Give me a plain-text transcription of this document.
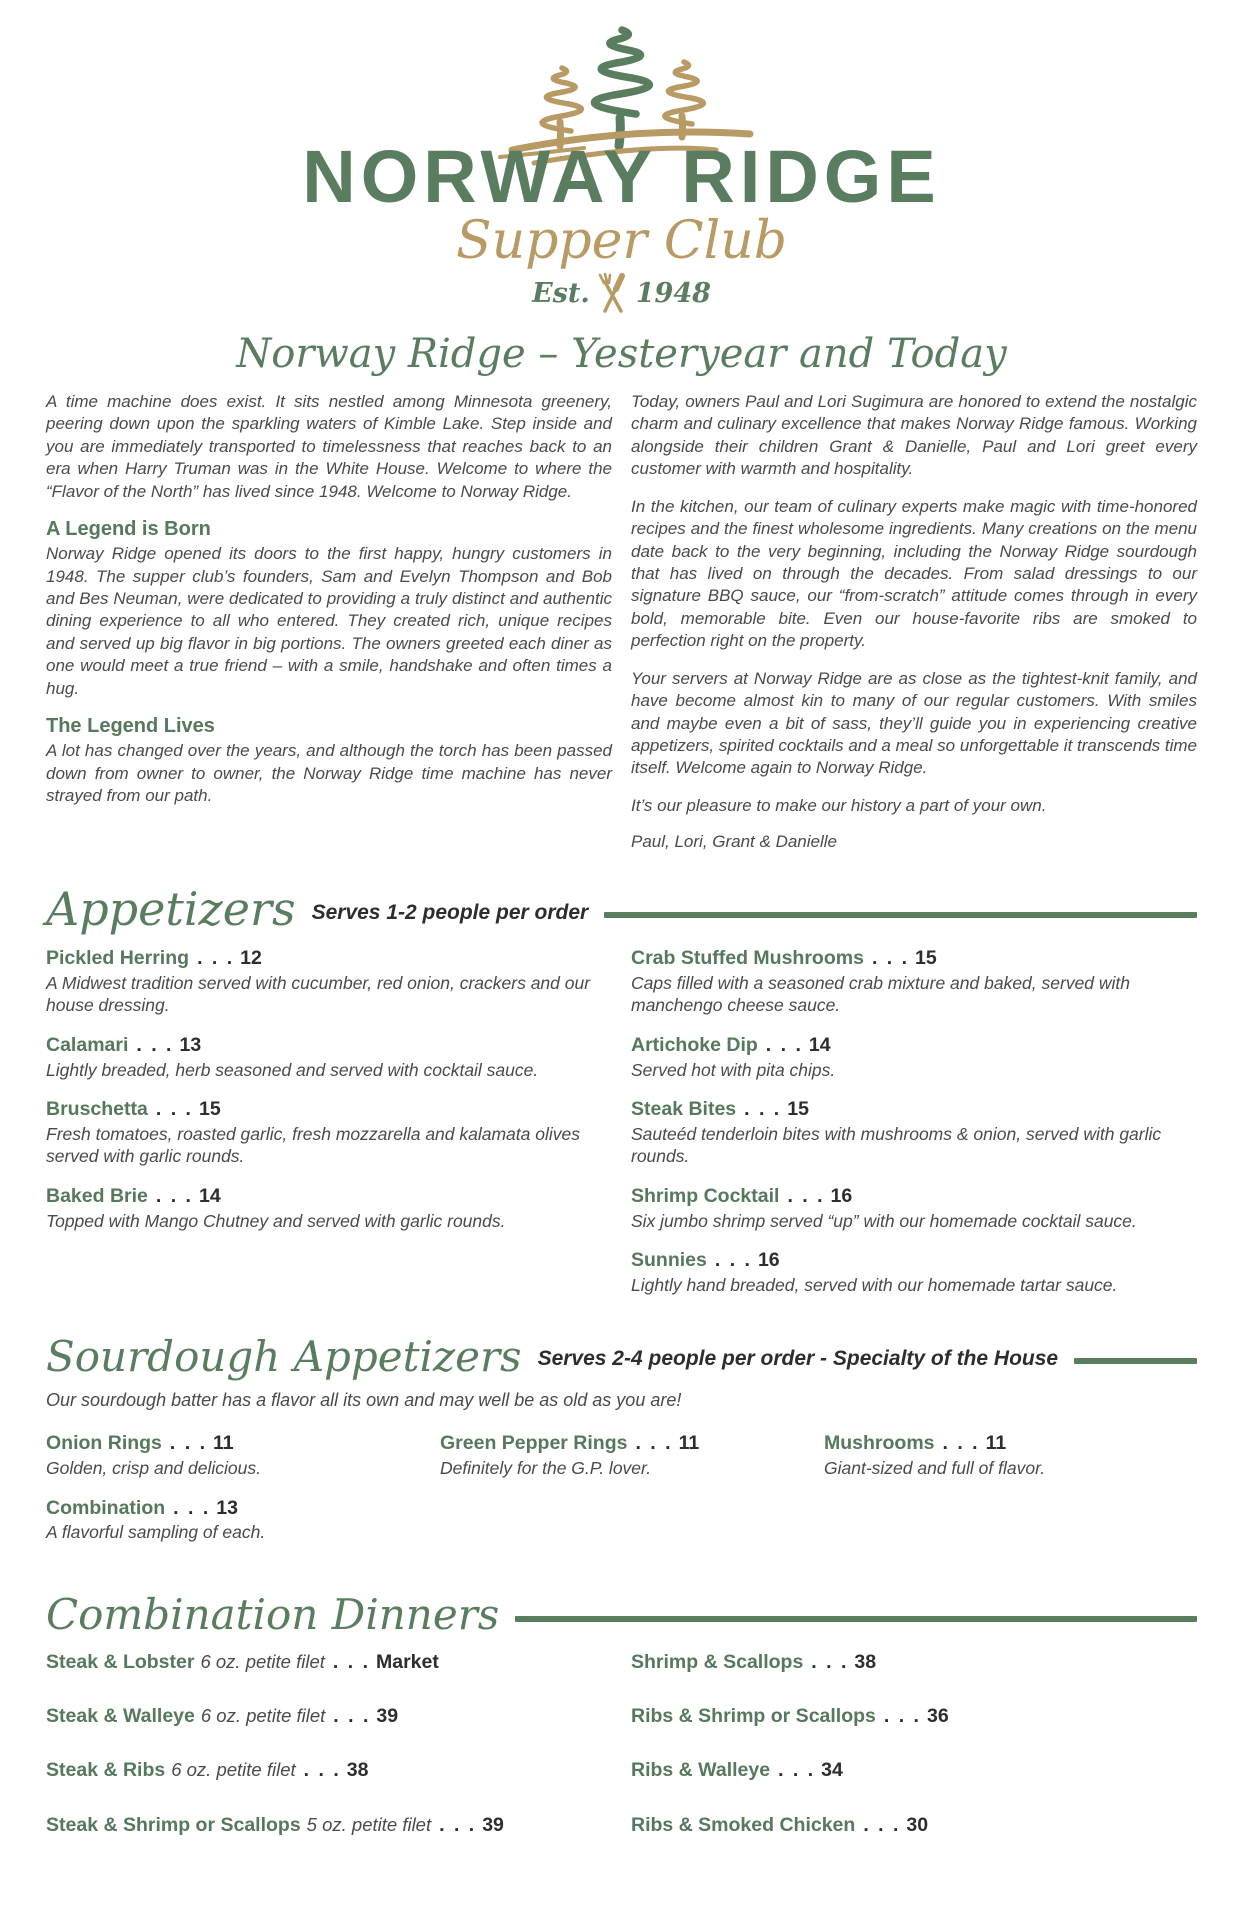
NORWAY RIDGE
Supper Club
Est. 1948
Norway Ridge – Yesteryear and Today

A time machine does exist. It sits nestled among Minnesota greenery, peering down upon the sparkling waters of Kimble Lake. Step inside and you are immediately transported to timelessness that reaches back to an era when Harry Truman was in the White House. Welcome to where the “Flavor of the North” has lived since 1948. Welcome to Norway Ridge.

A Legend is Born

Norway Ridge opened its doors to the first happy, hungry customers in 1948. The supper club’s founders, Sam and Evelyn Thompson and Bob and Bes Neuman, were dedicated to providing a truly distinct and authentic dining experience to all who entered. They created rich, unique recipes and served up big flavor in big portions. The owners greeted each diner as one would meet a true friend – with a smile, handshake and often times a hug.

The Legend Lives

A lot has changed over the years, and although the torch has been passed down from owner to owner, the Norway Ridge time machine has never strayed from our path.

Today, owners Paul and Lori Sugimura are honored to extend the nostalgic charm and culinary excellence that makes Norway Ridge famous. Working alongside their children Grant & Danielle, Paul and Lori greet every customer with warmth and hospitality.

In the kitchen, our team of culinary experts make magic with time-honored recipes and the finest wholesome ingredients. Many creations on the menu date back to the very beginning, including the Norway Ridge sourdough that has lived on through the decades. From salad dressings to our signature BBQ sauce, our “from-scratch” attitude comes through in every bold, memorable bite. Even our house-favorite ribs are smoked to perfection right on the property.

Your servers at Norway Ridge are as close as the tightest-knit family, and have become almost kin to many of our regular customers. With smiles and maybe even a bit of sass, they’ll guide you in experiencing creative appetizers, spirited cocktails and a meal so unforgettable it transcends time itself. Welcome again to Norway Ridge.

It’s our pleasure to make our history a part of your own.

Paul, Lori, Grant & Danielle

Appetizers Serves 1-2 people per order
Pickled Herring . . . 12
A Midwest tradition served with cucumber, red onion, crackers and our house dressing.
Calamari . . . 13
Lightly breaded, herb seasoned and served with cocktail sauce.
Bruschetta . . . 15
Fresh tomatoes, roasted garlic, fresh mozzarella and kalamata olives served with garlic rounds.
Baked Brie . . . 14
Topped with Mango Chutney and served with garlic rounds.
Crab Stuffed Mushrooms . . . 15
Caps filled with a seasoned crab mixture and baked, served with manchengo cheese sauce.
Artichoke Dip . . . 14
Served hot with pita chips.
Steak Bites . . . 15
Sauteéd tenderloin bites with mushrooms & onion, served with garlic rounds.
Shrimp Cocktail . . . 16
Six jumbo shrimp served “up” with our homemade cocktail sauce.
Sunnies . . . 16
Lightly hand breaded, served with our homemade tartar sauce.
Sourdough Appetizers Serves 2-4 people per order - Specialty of the House
Our sourdough batter has a flavor all its own and may well be as old as you are!
Onion Rings . . . 11
Golden, crisp and delicious.
Combination . . . 13
A flavorful sampling of each.
Green Pepper Rings . . . 11
Definitely for the G.P. lover.
Mushrooms . . . 11
Giant-sized and full of flavor.
Combination Dinners
Steak & Lobster 6 oz. petite filet . . . Market
Steak & Walleye 6 oz. petite filet . . . 39
Steak & Ribs 6 oz. petite filet . . . 38
Steak & Shrimp or Scallops 5 oz. petite filet . . . 39
Shrimp & Scallops . . . 38
Ribs & Shrimp or Scallops . . . 36
Ribs & Walleye . . . 34
Ribs & Smoked Chicken . . . 30
